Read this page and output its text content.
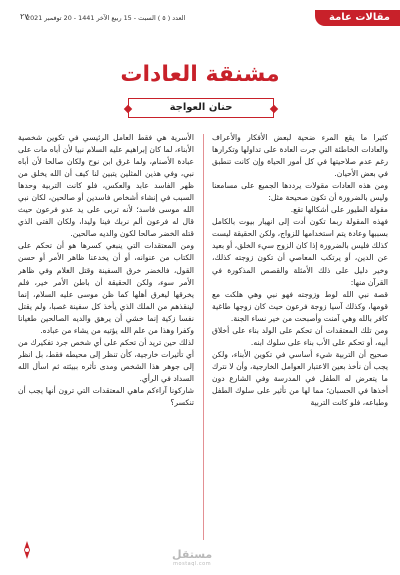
مقالات عامة
العدد ( ٥ ) السبت - 15 ربيع الآخر 1441 - 20 توفمبر 2021
٢٧
مشنقة العادات
حنان العواجة

كثيرا ما يقع المرء ضحية لبعض الأفكار والأعراف والعادات الخاطئة التي جرت العادة على تداولها وتكرارها رغم عدم صلاحيتها في كل أمور الحياة وإن كانت تنطبق في بعض الأحيان.

ومن هذه العادات مقولات يرددها الجميع على مسامعنا وليس بالضرورة أن تكون صحيحة مثل:

مقولة الطيور على أشكالها تقع.

فهذه المقولة ربما تكون أدت إلى انهيار بيوت بالكامل بسببها وعادة يتم استخدامها للزواج، ولكن الحقيقة ليست كذلك فليس بالضرورة إذا كان الزوج سيء الخلق، أو بعيد عن الدين، أو يرتكب المعاصي أن تكون زوجته كذلك، وخير دليل على ذلك الأمثلة والقصص المذكورة في القرآن منها:

قصة نبي الله لوط وزوجته فهو نبي وهي هلكت مع قومها، وكذلك آسيا زوجة فرعون حيث كان زوجها طاغية كافر بالله وهي آمنت وأصبحت من خير نساء الجنة.

ومن تلك المعتقدات أن تحكم على الولد بناء على أخلاق أبيه، أو تحكم على الأب بناء على سلوك ابنه.

صحيح أن التربية شيء أساسي في تكوين الأبناء، ولكن يجب أن نأخذ بعين الاعتبار العوامل الخارجية، وأن لا نترك ما يتعرض له الطفل في المدرسة وفي الشارع دون أخذها في الحسبان؛ مما لها من تأثير على سلوك الطفل وطباعه، فلو كانت التربية

الأسرية هي فقط العامل الرئيسي في تكوين شخصية الأبناء، لما كان إبراهيم عليه السلام نبيا لأن أباه مات على عبادة الأصنام، ولما غرق ابن نوح ولكان صالحا لأن أباه نبي، وفي هذين المثلين يتبين لنا كيف أن الله يخلق من ظهر الفاسد عابد والعكس، فلو كانت التربية وحدها السبب في إنشاء أشخاص فاسدين أو صالحين، لكان نبي الله موسى فاسد؛ لأنه تربى على يد عدو فرعون حيث قال له فرعون ألم نربك فينا وليدا، ولكان الفتى الذي قتله الخضر صالحا لكون والديه صالحين.

ومن المعتقدات التي ينبغي كسرها هو أن تحكم على الكتاب من عنوانه، أو أن يخدعنا ظاهر الأمر أو حسن القول، فالخضر خرق السفينة وقتل الغلام وفي ظاهر الأمر سوء، ولكن الحقيقة أن باطن الأمر خير، فلم يخرقها ليغرق أهلها كما ظن موسى عليه السلام، إنما لينقذهم من الملك الذي يأخذ كل سفينة غصبا، ولم يقتل نفسا زكية إنما خشي أن يرهق والديه الصالحين طغيانا وكفرا وهذا من علم الله يؤتيه من يشاء من عباده.

لذلك حين تريد أن تحكم على أي شخص جرد تفكيرك من أي تأثيرات خارجية، كأن تنظر إلى محيطه فقط، بل انظر إلى جوهر هذا الشخص ومدى تأثره ببيئته ثم اسأل الله السداد في الرأي.

شاركونا آراءكم ماهي المعتقدات التي ترون أنها يجب أن تنكسر؟

مستقل
mostaql.com
